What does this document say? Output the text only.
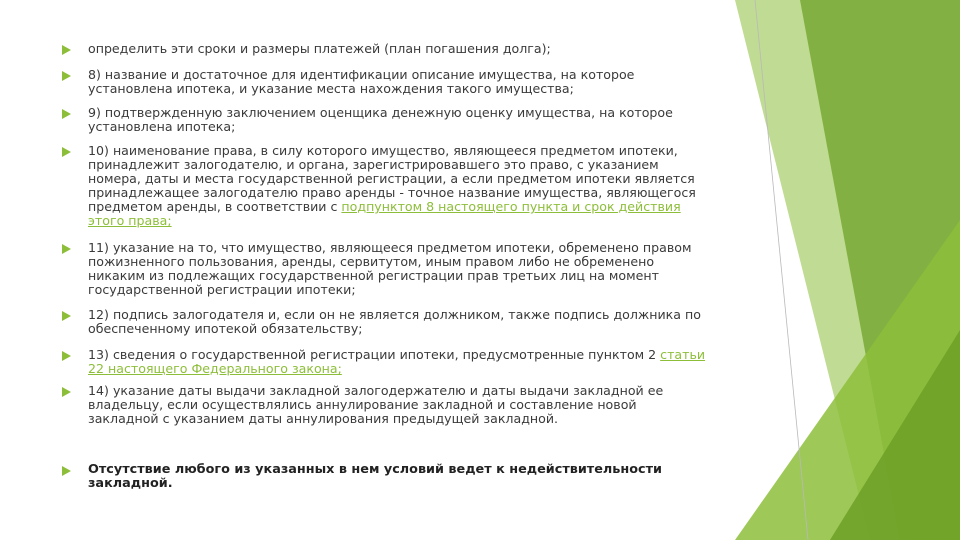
определить эти сроки и размеры платежей (план погашения долга);
8) название и достаточное для идентификации описание имущества, на которое
установлена ипотека, и указание места нахождения такого имущества;
9) подтвержденную заключением оценщика денежную оценку имущества, на которое
установлена ипотека;
10) наименование права, в силу которого имущество, являющееся предметом ипотеки,
принадлежит залогодателю, и органа, зарегистрировавшего это право, с указанием
номера, даты и места государственной регистрации, а если предметом ипотеки является
принадлежащее залогодателю право аренды - точное название имущества, являющегося
предметом аренды, в соответствии с подпунктом 8 настоящего пункта и срок действия
этого права;
11) указание на то, что имущество, являющееся предметом ипотеки, обременено правом
пожизненного пользования, аренды, сервитутом, иным правом либо не обременено
никаким из подлежащих государственной регистрации прав третьих лиц на момент
государственной регистрации ипотеки;
12) подпись залогодателя и, если он не является должником, также подпись должника по
обеспеченному ипотекой обязательству;
13) сведения о государственной регистрации ипотеки, предусмотренные пунктом 2 статьи
22 настоящего Федерального закона;
14) указание даты выдачи закладной залогодержателю и даты выдачи закладной ее
владельцу, если осуществлялись аннулирование закладной и составление новой
закладной с указанием даты аннулирования предыдущей закладной.
Отсутствие любого из указанных в нем условий ведет к недействительности
закладной.
